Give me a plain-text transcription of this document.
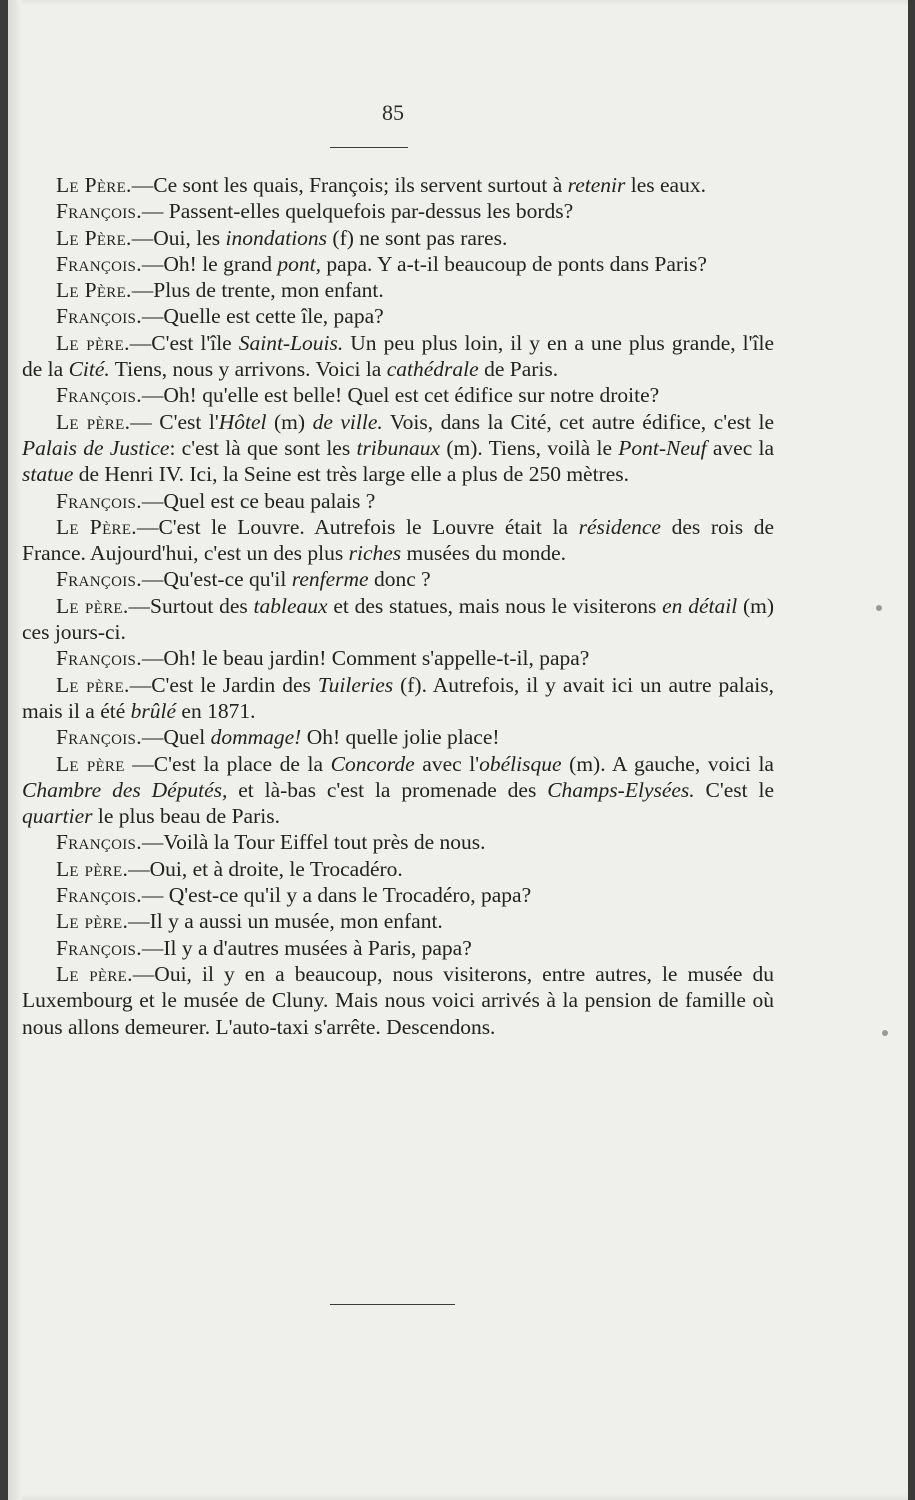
85

Le Père.—Ce sont les quais, François; ils servent surtout à retenir les eaux.

François.— Passent-elles quelquefois par-dessus les bords?

Le Père.—Oui, les inondations (f) ne sont pas rares.

François.—Oh! le grand pont, papa. Y a-t-il beaucoup de ponts dans Paris?

Le Père.—Plus de trente, mon enfant.

François.—Quelle est cette île, papa?

Le père.—C'est l'île Saint-Louis. Un peu plus loin, il y en a une plus grande, l'île de la Cité. Tiens, nous y arrivons. Voici la cathédrale de Paris.

François.—Oh! qu'elle est belle! Quel est cet édifice sur notre droite?

Le père.— C'est l'Hôtel (m) de ville. Vois, dans la Cité, cet autre édifice, c'est le Palais de Justice: c'est là que sont les tribunaux (m). Tiens, voilà le Pont-Neuf avec la statue de Henri IV. Ici, la Seine est très large elle a plus de 250 mètres.

François.—Quel est ce beau palais ?

Le Père.—C'est le Louvre. Autrefois le Louvre était la résidence des rois de France. Aujourd'hui, c'est un des plus riches musées du monde.

François.—Qu'est-ce qu'il renferme donc ?

Le père.—Surtout des tableaux et des statues, mais nous le visiterons en détail (m) ces jours-ci.

François.—Oh! le beau jardin! Comment s'appelle-t-il, papa?

Le père.—C'est le Jardin des Tuileries (f). Autrefois, il y avait ici un autre palais, mais il a été brûlé en 1871.

François.—Quel dommage! Oh! quelle jolie place!

Le père —C'est la place de la Concorde avec l'obélisque (m). A gauche, voici la Chambre des Députés, et là-bas c'est la promenade des Champs-Elysées. C'est le quartier le plus beau de Paris.

François.—Voilà la Tour Eiffel tout près de nous.

Le père.—Oui, et à droite, le Trocadéro.

François.— Q'est-ce qu'il y a dans le Trocadéro, papa?

Le père.—Il y a aussi un musée, mon enfant.

François.—Il y a d'autres musées à Paris, papa?

Le père.—Oui, il y en a beaucoup, nous visiterons, entre autres, le musée du Luxembourg et le musée de Cluny. Mais nous voici arrivés à la pension de famille où nous allons demeurer. L'auto-taxi s'arrête. Descendons.
